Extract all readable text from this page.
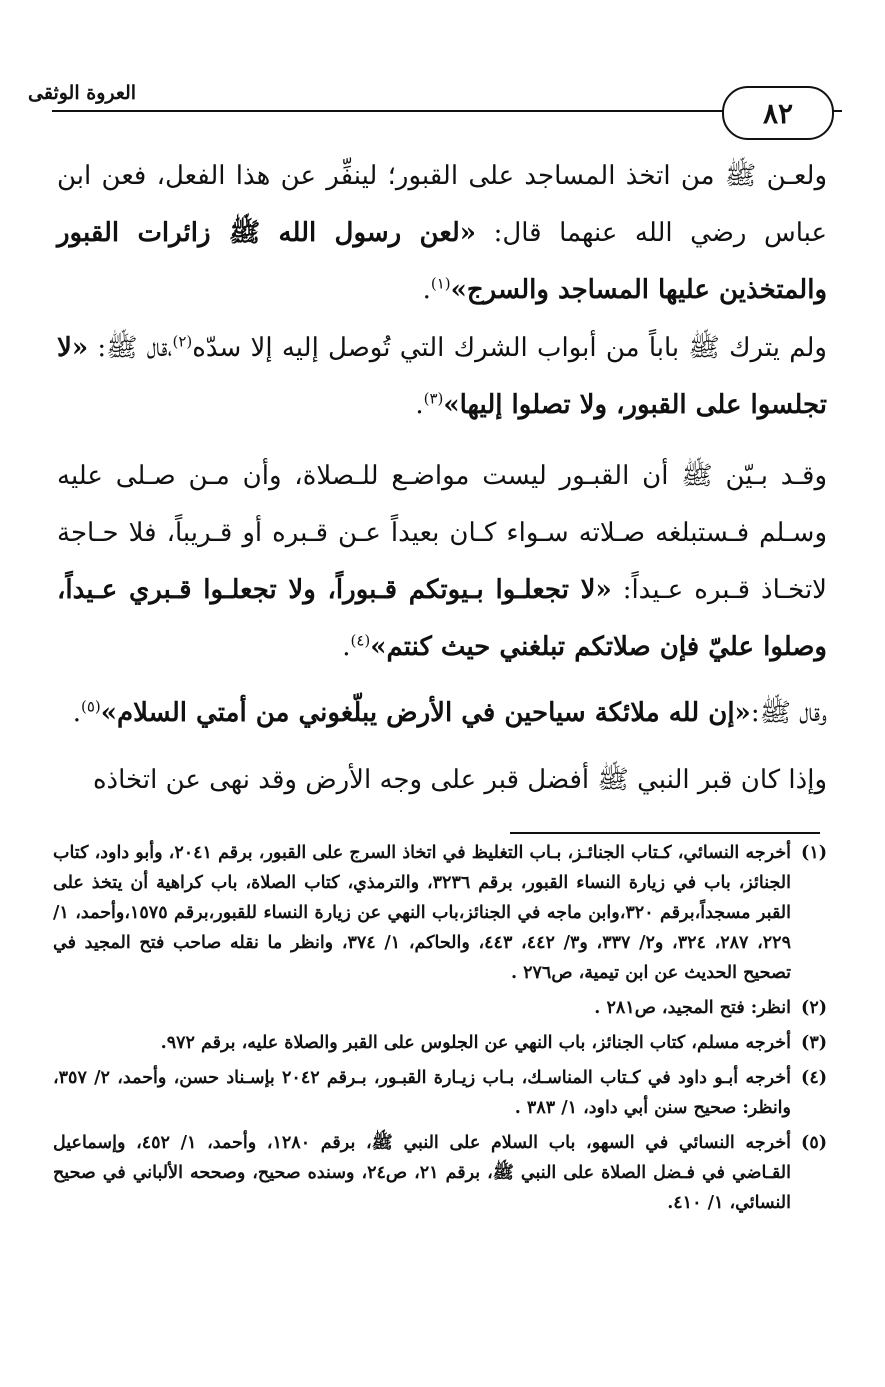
العروة الوثقى
٨٢
ولعـن ﷺ من اتخذ المساجد على القبور؛ لينفِّر عن هذا الفعل، فعن ابن عباس رضي الله عنهما قال: «لعن رسول الله ﷺ زائرات القبور والمتخذين عليها المساجد والسرج»$^{(١)}$.
ولم يترك ﷺ باباً من أبواب الشرك التي تُوصل إليه إلا سدّه$^{(٢)}$،قال ﷺ: «لا تجلسوا على القبور، ولا تصلوا إليها»$^{(٣)}$.
وقـد بـيّن ﷺ أن القبـور ليست مواضـع للـصلاة، وأن مـن صـلى عليه وسـلم فـستبلغه صـلاته سـواء كـان بعيداً عـن قـبره أو قـريباً، فلا حـاجة لاتخـاذ قـبره عـيداً: «لا تجعلـوا بـيوتكم قـبوراً، ولا تجعلـوا قـبري عـيداً، وصلوا عليّ فإن صلاتكم تبلغني حيث كنتم»$^{(٤)}$.
وقال ﷺ:«إن لله ملائكة سياحين في الأرض يبلّغوني من أمتي السلام»$^{(٥)}$.
وإذا كان قبر النبي ﷺ أفضل قبر على وجه الأرض وقد نهى عن اتخاذه
(١)
أخرجه النسائي، كـتاب الجنائـز، بـاب التغليظ في اتخاذ السرج على القبور، برقم ٢٠٤١، وأبو داود، كتاب الجنائز، باب في زيارة النساء القبور، برقم ٣٢٣٦، والترمذي، كتاب الصلاة، باب كراهية أن يتخذ على القبر مسجداً،برقم ٣٢٠،وابن ماجه في الجنائز،باب النهي عن زيارة النساء للقبور،برقم ١٥٧٥،وأحمد، ١/ ٢٢٩، ٢٨٧، ٣٢٤، و٢/ ٣٣٧، و٣/ ٤٤٢، ٤٤٣، والحاكم، ١/ ٣٧٤، وانظر ما نقله صاحب فتح المجيد في تصحيح الحديث عن ابن تيمية، ص٢٧٦ .
(٢)
انظر: فتح المجيد، ص٢٨١ .
(٣)
أخرجه مسلم، كتاب الجنائز، باب النهي عن الجلوس على القبر والصلاة عليه، برقم ٩٧٢.
(٤)
أخرجه أبـو داود في كـتاب المناسـك، بـاب زيـارة القبـور، بـرقم ٢٠٤٢ بإسـناد حسن، وأحمد، ٢/ ٣٥٧، وانظر: صحيح سنن أبي داود، ١/ ٣٨٣ .
(٥)
أخرجه النسائي في السهو، باب السلام على النبي ﷺ، برقم ١٢٨٠، وأحمد، ١/ ٤٥٢، وإسماعيل القـاضي في فـضل الصلاة على النبي ﷺ، برقم ٢١، ص٢٤، وسنده صحيح، وصححه الألباني في صحيح النسائي، ١/ ٤١٠.
